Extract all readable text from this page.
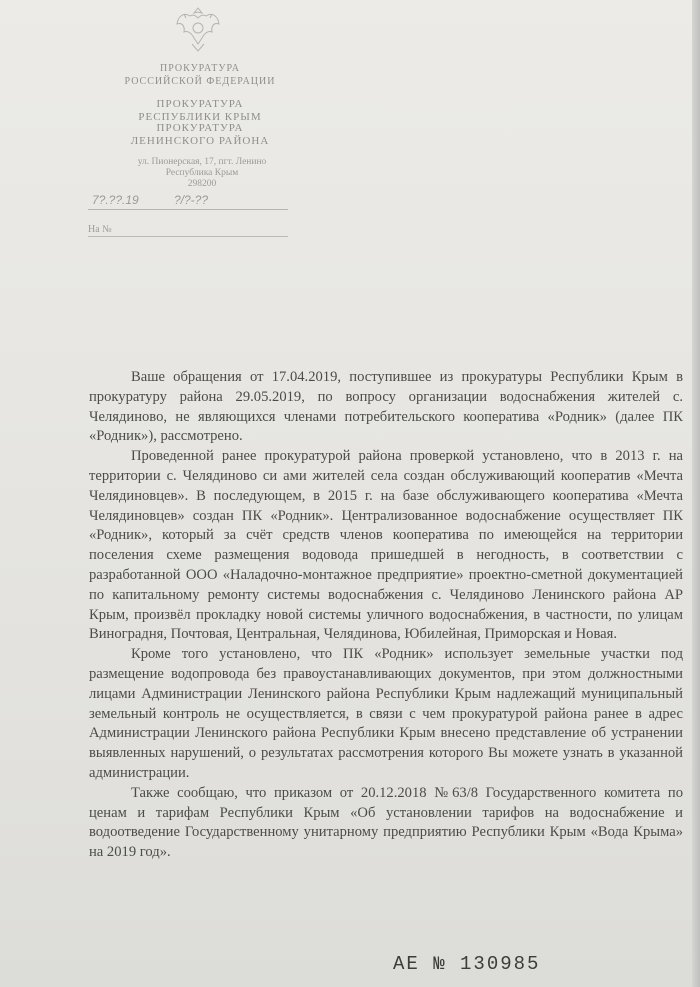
ПРОКУРАТУРА
РОССИЙСКОЙ ФЕДЕРАЦИИ
ПРОКУРАТУРА
РЕСПУБЛИКИ КРЫМ
ПРОКУРАТУРА
ЛЕНИНСКОГО РАЙОНА
ул. Пионерская, 17, пгт. Ленино
Республика Крым
298200
7?.??.19	?/?-??
На №

Ваше обращения от 17.04.2019, поступившее из прокуратуры Республики Крым в прокуратуру района 29.05.2019, по вопросу организации водоснабжения жителей с. Челядиново, не являющихся членами потребительского кооператива «Родник» (далее ПК «Родник»), рассмотрено.

Проведенной ранее прокуратурой района проверкой установлено, что в 2013 г. на территории с. Челядиново си ами жителей села создан обслуживающий кооператив «Мечта Челядиновцев». В последующем, в 2015 г. на базе обслуживающего кооператива «Мечта Челядиновцев» создан ПК «Родник». Централизованное водоснабжение осуществляет ПК «Родник», который за счёт средств членов кооператива по имеющейся на территории поселения схеме размещения водовода пришедшей в негодность, в соответствии с разработанной ООО «Наладочно-монтажное предприятие» проектно-сметной документацией по капитальному ремонту системы водоснабжения с. Челядиново Ленинского района АР Крым, произвёл прокладку новой системы уличного водоснабжения, в частности, по улицам Виноградня, Почтовая, Центральная, Челядинова, Юбилейная, Приморская и Новая.

Кроме того установлено, что ПК «Родник» использует земельные участки под размещение водопровода без правоустанавливающих документов, при этом должностными лицами Администрации Ленинского района Республики Крым надлежащий муниципальный земельный контроль не осуществляется, в связи с чем прокуратурой района ранее в адрес Администрации Ленинского района Республики Крым внесено представление об устранении выявленных нарушений, о результатах рассмотрения которого Вы можете узнать в указанной администрации.

Также сообщаю, что приказом от 20.12.2018 №63/8 Государственного комитета по ценам и тарифам Республики Крым «Об установлении тарифов на водоснабжение и водоотведение Государственному унитарному предприятию Республики Крым «Вода Крыма» на 2019 год».

АЕ № 130985
